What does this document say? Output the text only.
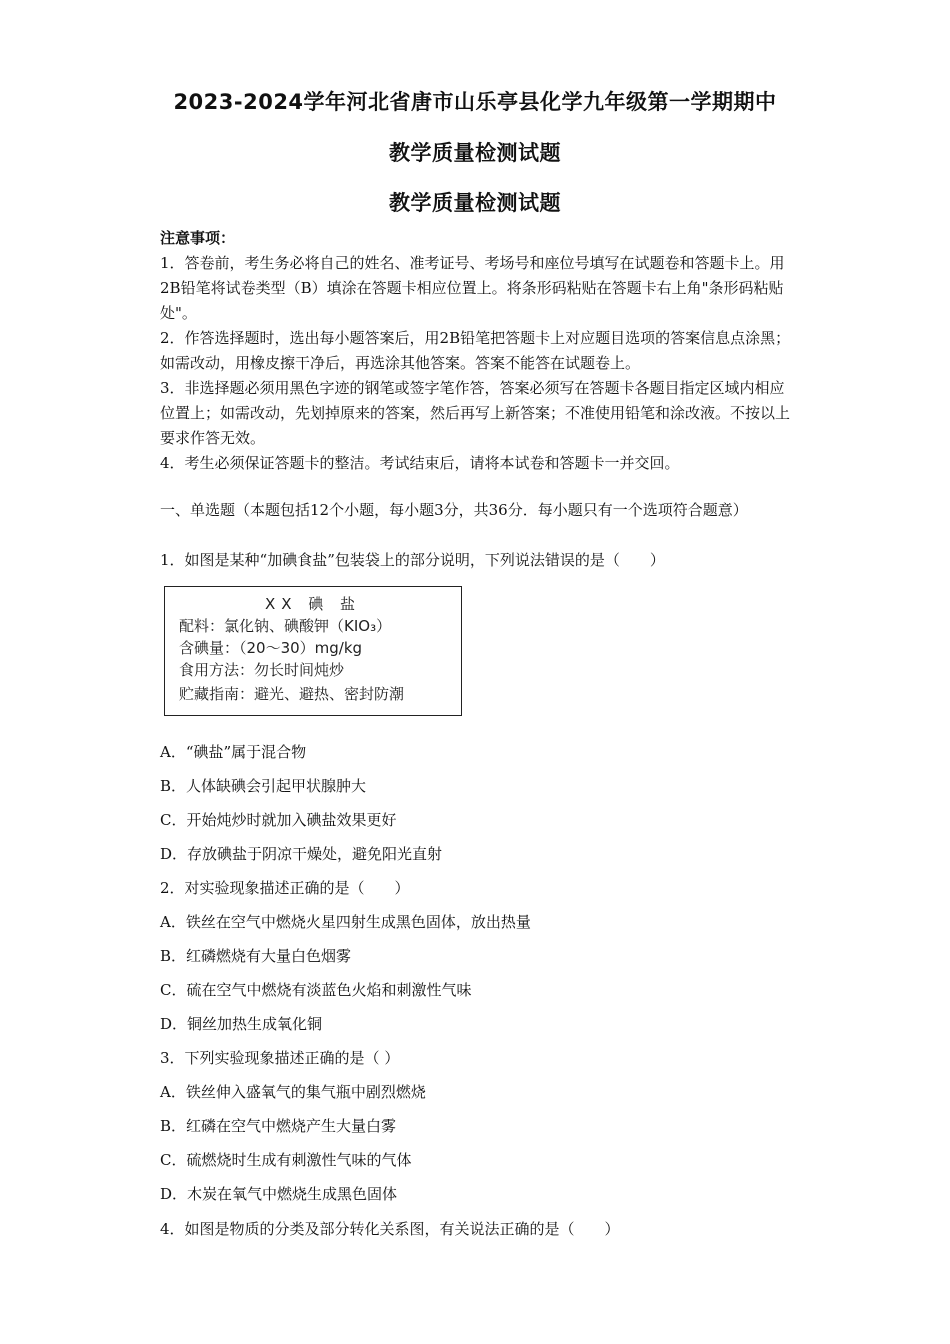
2023-2024学年河北省唐市山乐亭县化学九年级第一学期期中
教学质量检测试题
教学质量检测试题

注意事项：

1．答卷前，考生务必将自己的姓名、准考证号、考场号和座位号填写在试题卷和答题卡上。用2B铅笔将试卷类型（B）填涂在答题卡相应位置上。将条形码粘贴在答题卡右上角"条形码粘贴处"。

2．作答选择题时，选出每小题答案后，用2B铅笔把答题卡上对应题目选项的答案信息点涂黑；如需改动，用橡皮擦干净后，再选涂其他答案。答案不能答在试题卷上。

3．非选择题必须用黑色字迹的钢笔或签字笔作答，答案必须写在答题卡各题目指定区域内相应位置上；如需改动，先划掉原来的答案，然后再写上新答案；不准使用铅笔和涂改液。不按以上要求作答无效。

4．考生必须保证答题卡的整洁。考试结束后，请将本试卷和答题卡一并交回。

一、单选题（本题包括12个小题，每小题3分，共36分．每小题只有一个选项符合题意）

1．如图是某种“加碘食盐”包装袋上的部分说明，下列说法错误的是（　　）

XX 碘 盐
配料：氯化钠、碘酸钾（KIO₃）
含碘量：（20～30）mg/kg
食用方法：勿长时间炖炒
贮藏指南：避光、避热、密封防潮

A．“碘盐”属于混合物

B．人体缺碘会引起甲状腺肿大

C．开始炖炒时就加入碘盐效果更好

D．存放碘盐于阴凉干燥处，避免阳光直射

2．对实验现象描述正确的是（　　）

A．铁丝在空气中燃烧火星四射生成黑色固体，放出热量

B．红磷燃烧有大量白色烟雾

C．硫在空气中燃烧有淡蓝色火焰和刺激性气味

D．铜丝加热生成氧化铜

3．下列实验现象描述正确的是（ ）

A．铁丝伸入盛氧气的集气瓶中剧烈燃烧

B．红磷在空气中燃烧产生大量白雾

C．硫燃烧时生成有刺激性气味的气体

D．木炭在氧气中燃烧生成黑色固体

4．如图是物质的分类及部分转化关系图，有关说法正确的是（　　）
